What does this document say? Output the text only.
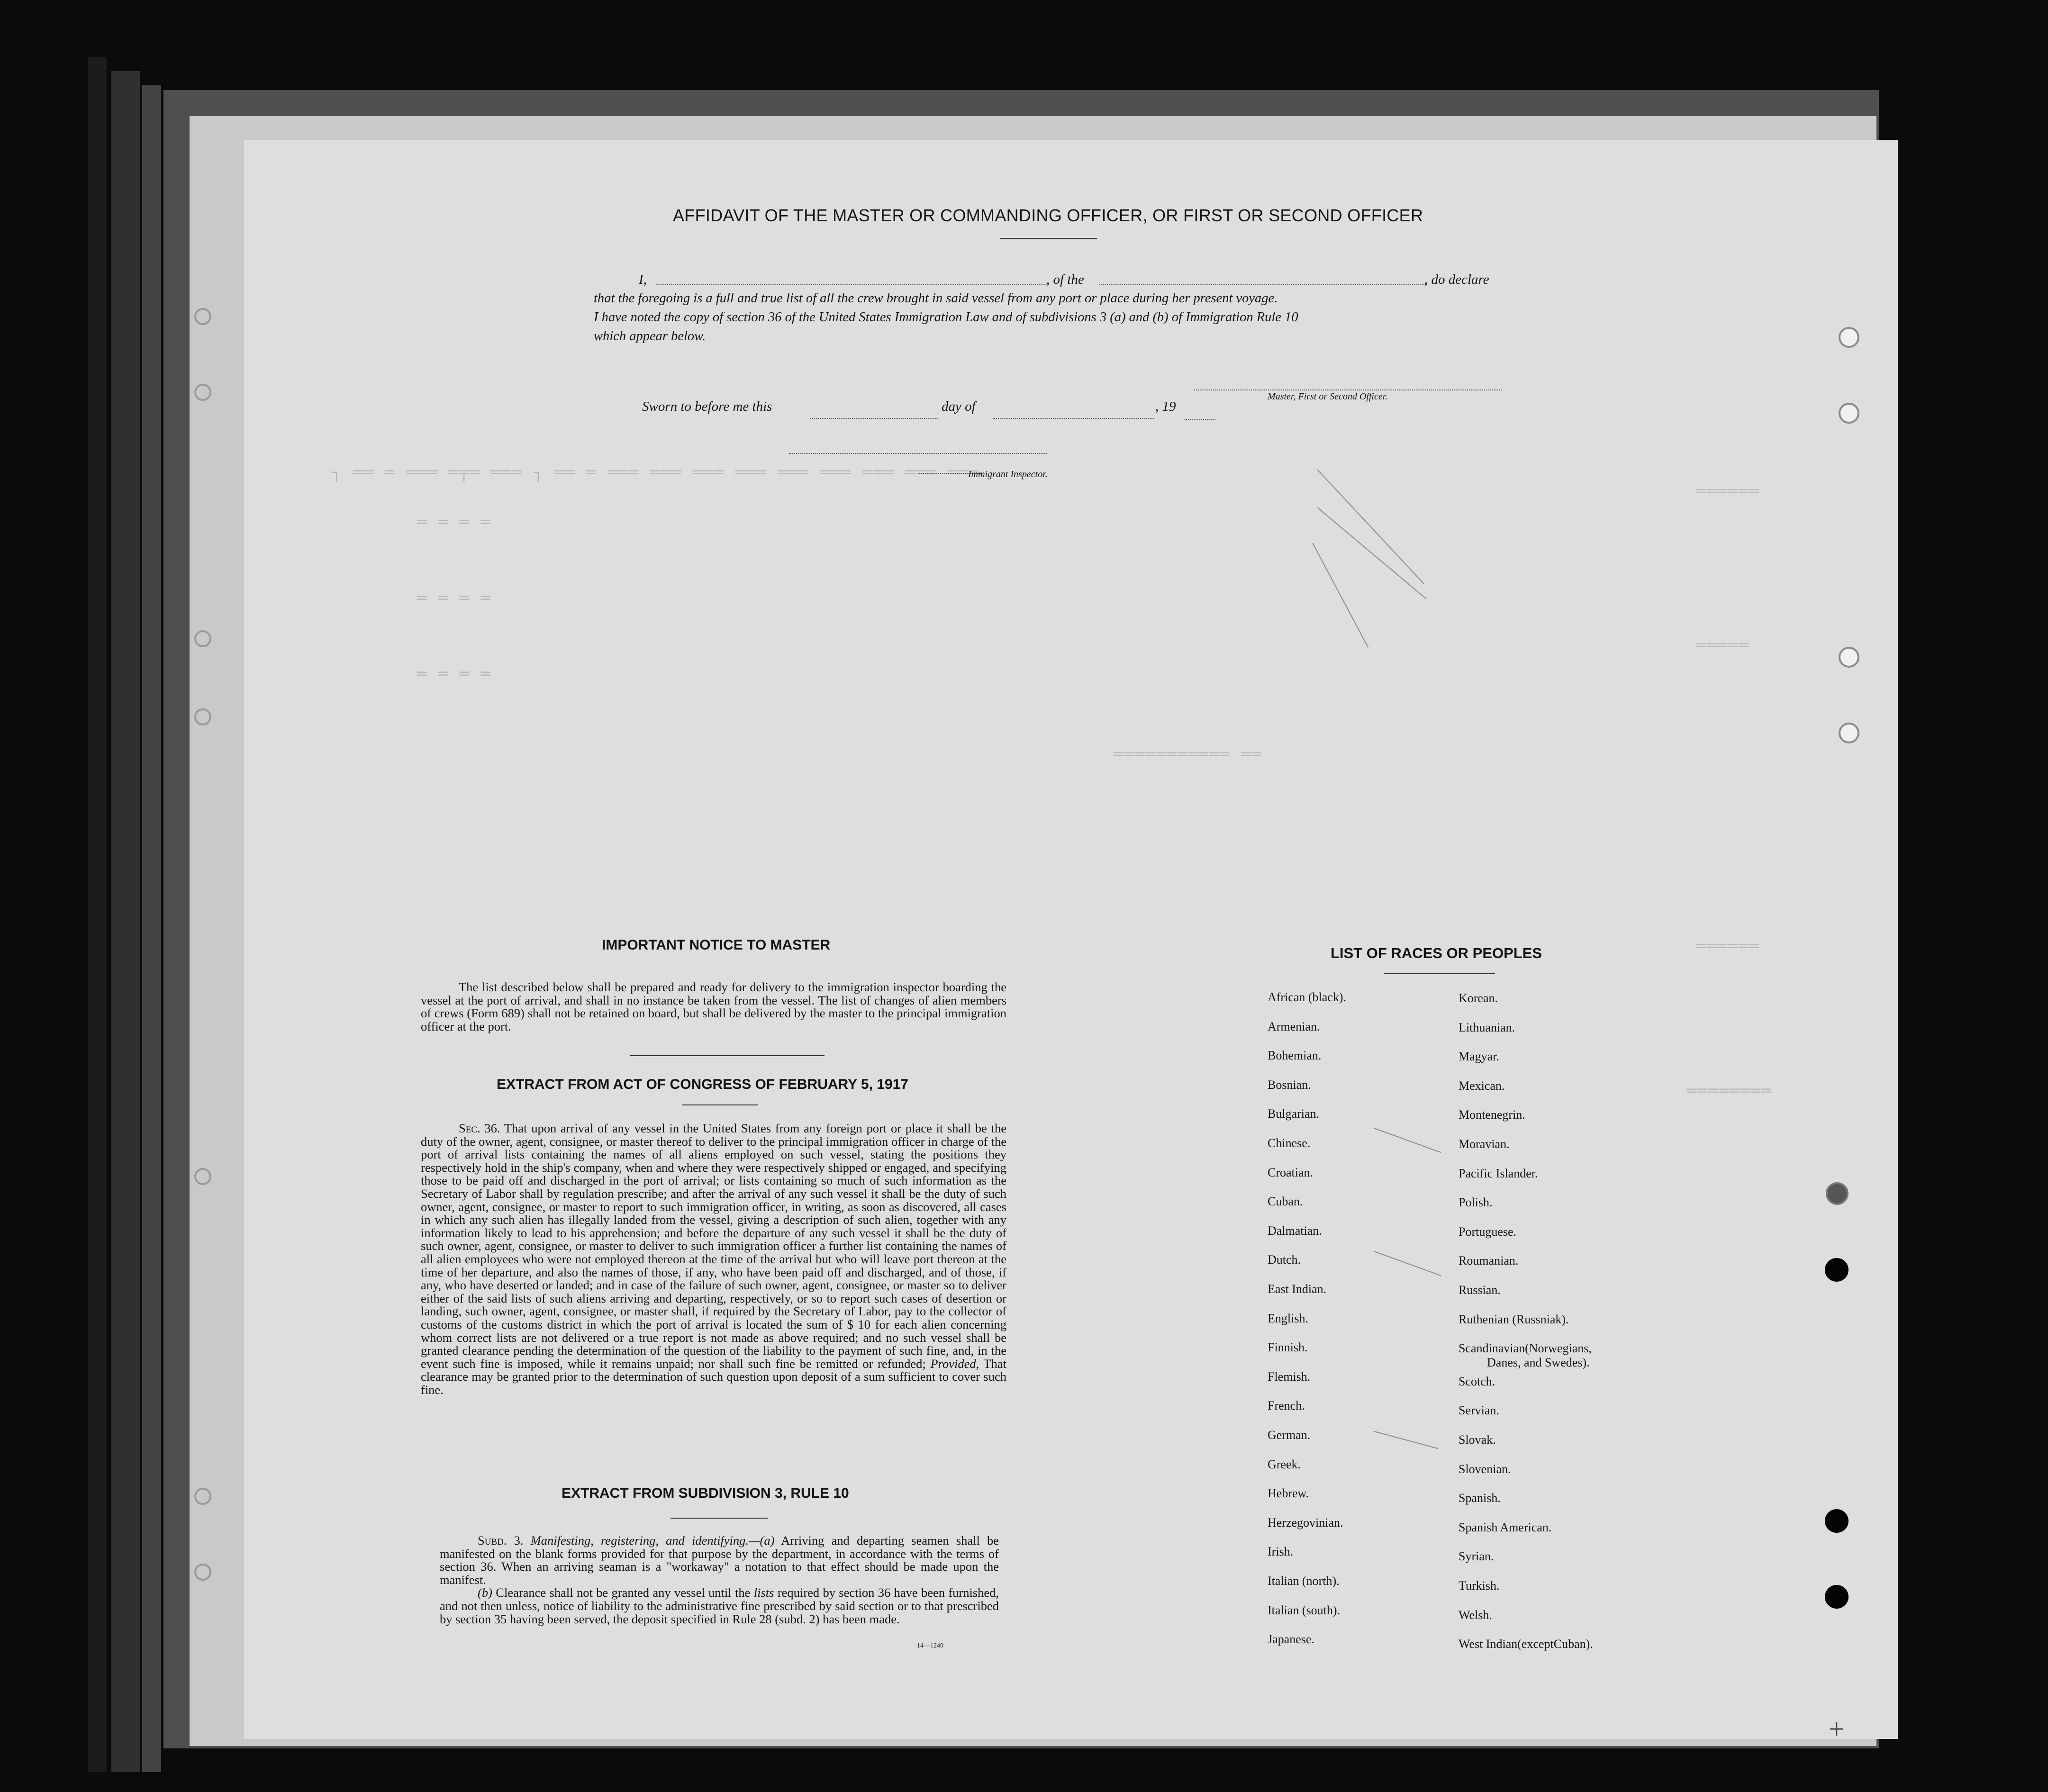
┐ ══ ═ ═══ ═╤═ ═══ ┐ ══ ═ ═══ ═══ ═══ ═══ ═══ ═══ ═══ ═══ ═══
═ ═ ═ ═
═ ═ ═ ═
═ ═ ═ ═
═══════════ ══
══════
═════
══════
════════
AFFIDAVIT OF THE MASTER OR COMMANDING OFFICER, OR FIRST OR SECOND OFFICER
I,	, of the	, do declare
that the foregoing is a full and true list of all the crew brought in said vessel from any port or place during her present voyage.
I have noted the copy of section 36 of the United States Immigration Law and of subdivisions 3 (a) and (b) of Immigration Rule 10
which appear below.
Master, First or Second Officer.
Sworn to before me this	day of	, 19
Immigrant Inspector.
IMPORTANT NOTICE TO MASTER

The list described below shall be prepared and ready for delivery to the immigration inspector boarding the vessel at the port of arrival, and shall in no instance be taken from the vessel. The list of changes of alien members of crews (Form 689) shall not be retained on board, but shall be delivered by the master to the principal immigration officer at the port.

EXTRACT FROM ACT OF CONGRESS OF FEBRUARY 5, 1917

Sec. 36. That upon arrival of any vessel in the United States from any foreign port or place it shall be the duty of the owner, agent, consignee, or master thereof to deliver to the principal immigration officer in charge of the port of arrival lists containing the names of all aliens employed on such vessel, stating the positions they respectively hold in the ship's company, when and where they were respectively shipped or engaged, and specifying those to be paid off and discharged in the port of arrival; or lists containing so much of such information as the Secretary of Labor shall by regulation prescribe; and after the arrival of any such vessel it shall be the duty of such owner, agent, consignee, or master to report to such immigration officer, in writing, as soon as discovered, all cases in which any such alien has illegally landed from the vessel, giving a description of such alien, together with any information likely to lead to his apprehension; and before the departure of any such vessel it shall be the duty of such owner, agent, consignee, or master to deliver to such immigration officer a further list containing the names of all alien employees who were not employed thereon at the time of the arrival but who will leave port thereon at the time of her departure, and also the names of those, if any, who have been paid off and discharged, and of those, if any, who have deserted or landed; and in case of the failure of such owner, agent, consignee, or master so to deliver either of the said lists of such aliens arriving and departing, respectively, or so to report such cases of desertion or landing, such owner, agent, consignee, or master shall, if required by the Secretary of Labor, pay to the collector of customs of the customs district in which the port of arrival is located the sum of $ 10 for each alien concerning whom correct lists are not delivered or a true report is not made as above required; and no such vessel shall be granted clearance pending the determination of the question of the liability to the payment of such fine, and, in the event such fine is imposed, while it remains unpaid; nor shall such fine be remitted or refunded; Provided, That clearance may be granted prior to the determination of such question upon deposit of a sum sufficient to cover such fine.

EXTRACT FROM SUBDIVISION 3, RULE 10

Subd. 3. Manifesting, registering, and identifying.—(a) Arriving and departing seamen shall be manifested on the blank forms provided for that purpose by the department, in accordance with the terms of section 36. When an arriving seaman is a "workaway" a notation to that effect should be made upon the manifest.

(b) Clearance shall not be granted any vessel until the lists required by section 36 have been furnished, and not then unless, notice of liability to the administrative fine prescribed by said section or to that prescribed by section 35 having been served, the deposit specified in Rule 28 (subd. 2) has been made.

14—1240
LIST OF RACES OR PEOPLES
African (black).
Armenian.
Bohemian.
Bosnian.
Bulgarian.
Chinese.
Croatian.
Cuban.
Dalmatian.
Dutch.
East Indian.
English.
Finnish.
Flemish.
French.
German.
Greek.
Hebrew.
Herzegovinian.
Irish.
Italian (north).
Italian (south).
Japanese.
Korean.
Lithuanian.
Magyar.
Mexican.
Montenegrin.
Moravian.
Pacific Islander.
Polish.
Portuguese.
Roumanian.
Russian.
Ruthenian (Russniak).
Scandinavian(Norwegians,
Danes, and Swedes).
Scotch.
Servian.
Slovak.
Slovenian.
Spanish.
Spanish American.
Syrian.
Turkish.
Welsh.
West Indian(exceptCuban).
+
